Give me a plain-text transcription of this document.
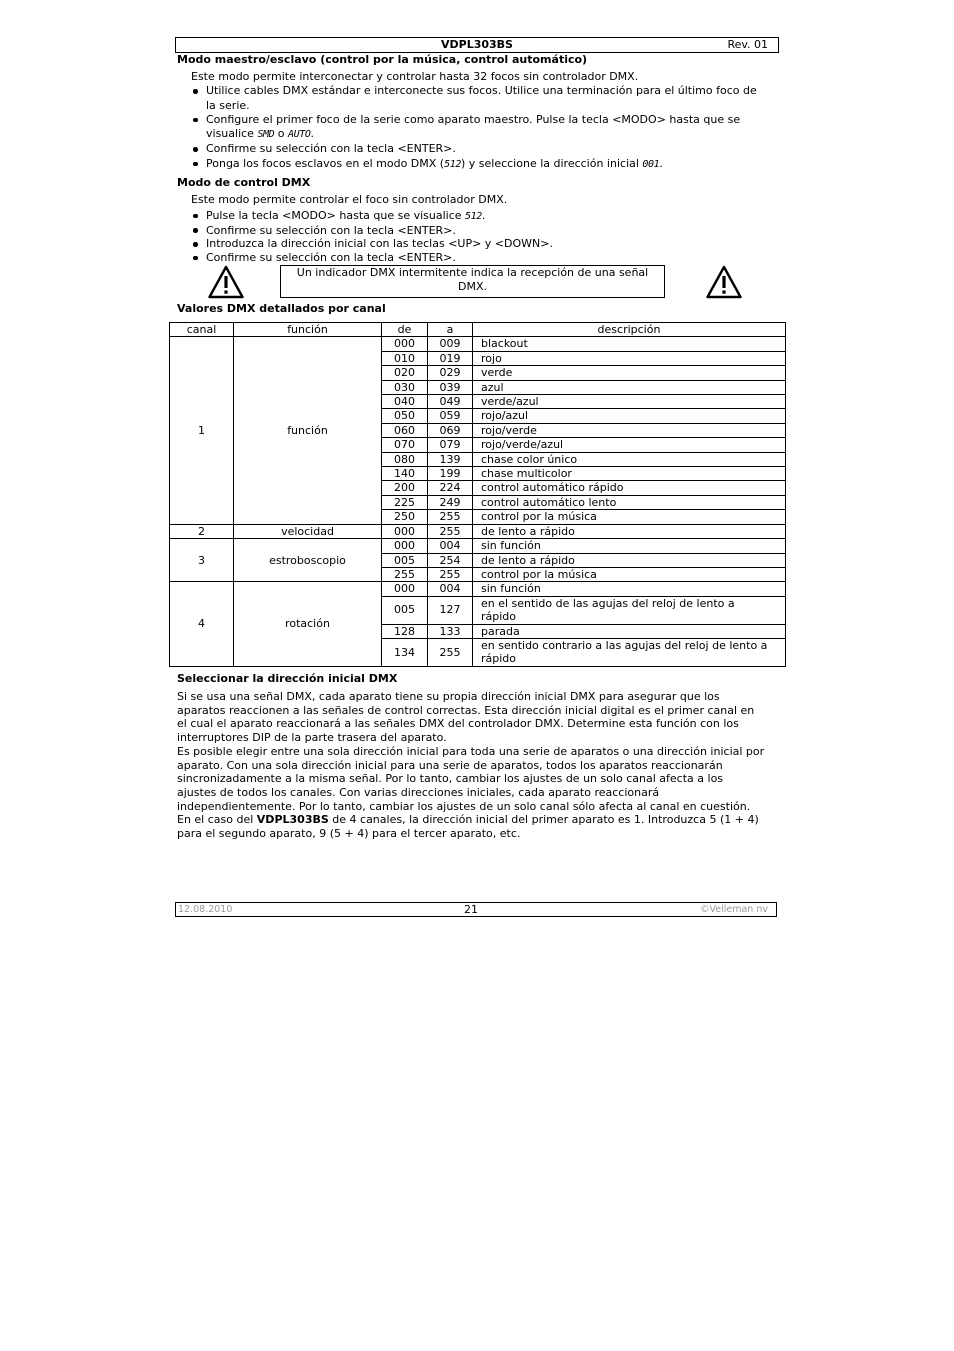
VDPL303BS	Rev. 01
Modo maestro/esclavo (control por la música, control automático)
Este modo permite interconectar y controlar hasta 32 focos sin controlador DMX.
Utilice cables DMX estándar e interconecte sus focos. Utilice una terminación para el último foco de
la serie.
Configure el primer foco de la serie como aparato maestro. Pulse la tecla <MODO> hasta que se
visualice SMD o AUTO.
Confirme su selección con la tecla <ENTER>.
Ponga los focos esclavos en el modo DMX (512) y seleccione la dirección inicial 001.
Modo de control DMX
Este modo permite controlar el foco sin controlador DMX.
Pulse la tecla <MODO> hasta que se visualice 512.
Confirme su selección con la tecla <ENTER>.
Introduzca la dirección inicial con las teclas <UP> y <DOWN>.
Confirme su selección con la tecla <ENTER>.
Un indicador DMX intermitente indica la recepción de una señal
DMX.
Valores DMX detallados por canal
canal	función	de	a	descripción
1	función	000	009	blackout
		010	019	rojo
		020	029	verde
		030	039	azul
		040	049	verde/azul
		050	059	rojo/azul
		060	069	rojo/verde
		070	079	rojo/verde/azul
		080	139	chase color único
		140	199	chase multicolor
		200	224	control automático rápido
		225	249	control automático lento
		250	255	control por la música
2	velocidad	000	255	de lento a rápido
3	estroboscopio	000	004	sin función
		005	254	de lento a rápido
		255	255	control por la música
4	rotación	000	004	sin función
		005	127	en el sentido de las agujas del reloj de lento a
rápido

		128	133	parada
		134	255	en sentido contrario a las agujas del reloj de lento a
rápido
Seleccionar la dirección inicial DMX
Si se usa una señal DMX, cada aparato tiene su propia dirección inicial DMX para asegurar que los
aparatos reaccionen a las señales de control correctas. Esta dirección inicial digital es el primer canal en
el cual el aparato reaccionará a las señales DMX del controlador DMX. Determine esta función con los
interruptores DIP de la parte trasera del aparato.
Es posible elegir entre una sola dirección inicial para toda una serie de aparatos o una dirección inicial por
aparato. Con una sola dirección inicial para una serie de aparatos, todos los aparatos reaccionarán
sincronizadamente a la misma señal. Por lo tanto, cambiar los ajustes de un solo canal afecta a los
ajustes de todos los canales. Con varias direcciones iniciales, cada aparato reaccionará
independientemente. Por lo tanto, cambiar los ajustes de un solo canal sólo afecta al canal en cuestión.
En el caso del VDPL303BS de 4 canales, la dirección inicial del primer aparato es 1. Introduzca 5 (1 + 4)
para el segundo aparato, 9 (5 + 4) para el tercer aparato, etc.
12.08.2010	21	©Velleman nv
